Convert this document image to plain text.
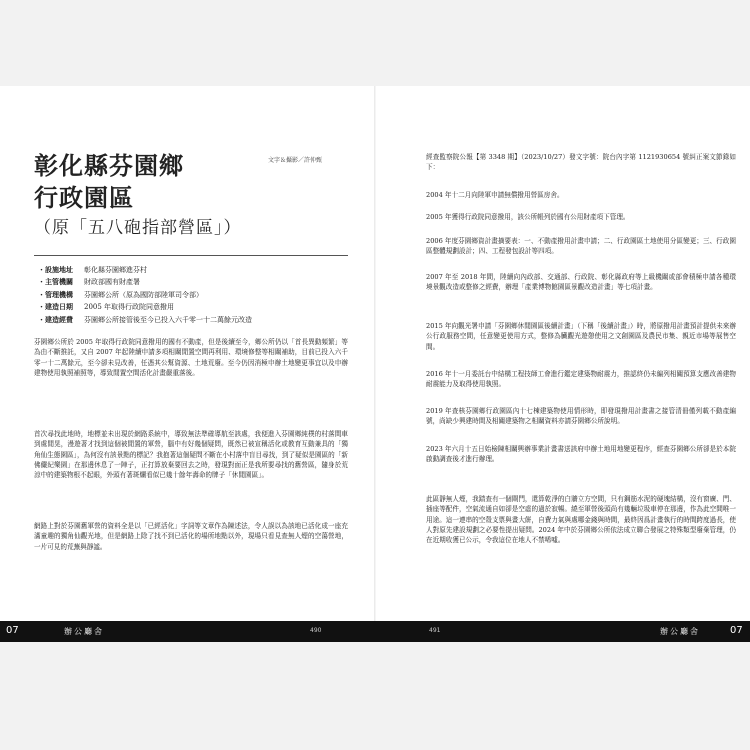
彰化縣芬園鄉
行政園區
文字＆攝影／許仲甄
（原「五八砲指部營區」）
・設施地址 彰化縣芬園鄉進芬村
・主管機關 財政部國有財產署
・管理機構 芬園鄉公所（原為國防部陸軍司令部）
・建造日期 2005 年取得行政院同意撥用
・建造經費 芬園鄉公所接管後至今已投入六千零一十二萬餘元改造

芬園鄉公所於 2005 年取得行政院同意撥用的國有不動產，但是後續至今，鄉公所仍以「首長異動頻繁」等為由不斷推託，又自 2007 年起陸續申請多項相關閒置空間再利用、環境修整等相關補助，目前已投入六千零一十二萬餘元，至今卻未見改善，任憑其公幫資源、土地荒廢。至今仍因消極申辦土地變更事宜以及申辦建物使用執照補照等，導致閒置空間活化計畫嚴重落後。

首次尋找此地時，地標並未出現於網路系統中，導致無法準確導航至該處，我便進入芬園鄉純樸的村落間車到處閒晃，漫遊著才找到這個被閒置的軍營，腦中有好幾個疑問，既然已被宣稱活化或教育互動兼具的「獨角仙生態園區」，為何沒有該景點的標記？我抱著這個疑問不斷在小村落中盲目尋找，到了疑似是園區的「新佛儼紀樂園」在那邊休息了一陣子，正打算放棄要回去之時，發現對面正是我所要尋找的舊營區，隨身於荒涼中的建築物根不起眼，外頭有著斑爛看似已幾十餘年壽命的牌子「休閒園區」。

網路上對於芬園舊軍營的資料全是以「已經活化」字詞等文章作為陳述法，令人誤以為該地已活化成一座充滿童趣的獨角仙觀光地，但是網路上除了找不到已活化的場所地點以外，現場只看見查無人煙的空蕩營地，一片可見的荒蕪與靜謐。

經查監察院公報【第 3348 期】（2023/10/27）發文字號：院台內字第 1121930654 號糾正案文節錄如下：

2004 年十二月向陸軍申請無償撥用營區房舍。

2005 年獲得行政院同意撥用，該公所帳列於國有公用財產項下管理。

2006 年度芬園鄉資計畫摘要表：一、不動產撥用計畫申請；二、行政園區土地使用分區變更；三、行政園區整體規劃設計；四、工程發包設計等四項。

2007 年至 2018 年間，陸續向內政部、交通部、行政院、彰化縣政府等上級機關或部會積極申請各種環境景觀改造或整修之經費，辦理「產業博物館園區景觀改造計畫」等七項計畫。

2015 年向觀光署申請「芬園鄉休閒園區後續計畫」（下稱「後續計畫」）時，將原撥用計畫預計提供未來辦公行政服務空間，任意變更使用方式，整修為臟觀光遊憩使用之文創園區及農民市集、親近市場等展售空間。

2016 年十一月委託台中結構工程技師工會進行鑑定建築物耐震力，推認終仍未編列相關預算支應改善建物耐震能力及取得使用執照。

2019 年查核芬園鄉行政園區內十七棟建築物使用情形時，即發現撥用計畫書之接管清冊僅列載不動產編號，尚缺少興建時間及相關建築物之相關資料亦請芬園鄉公所說明。

2023 年六月十五日始檢陳相關興辦事業計畫書送該府申辦土地用地變更程序，經查芬園鄉公所卻是於本院啟動調查後才進行辦理。

此區靜無人煙，我踏查有一個閘門，還算乾淨的白牆立方空間，只有鋼筋水泥的硬塊結構，沒有窗廣、門、插座等配件，空氣流通自如卻是空虛的過於寂暢。繞至軍營後頭尚有幾輛垃圾車停在那邊，作為此空間唯一用途。這一連串的空殼支票與畫大餅，自費力氣與處哪金錢與時間，最終因爲計畫執行的時間跨度過長，使人對原先建設規劃之必要性提出疑問。2024 年中於芬園鄉公所依法成立聯合發展之特殊類型廢棄管理，仍在近期收獲已公示，令我這位在地人不禁唏噓。

07	辦公廳舍	490	491	辦公廳舍	07
